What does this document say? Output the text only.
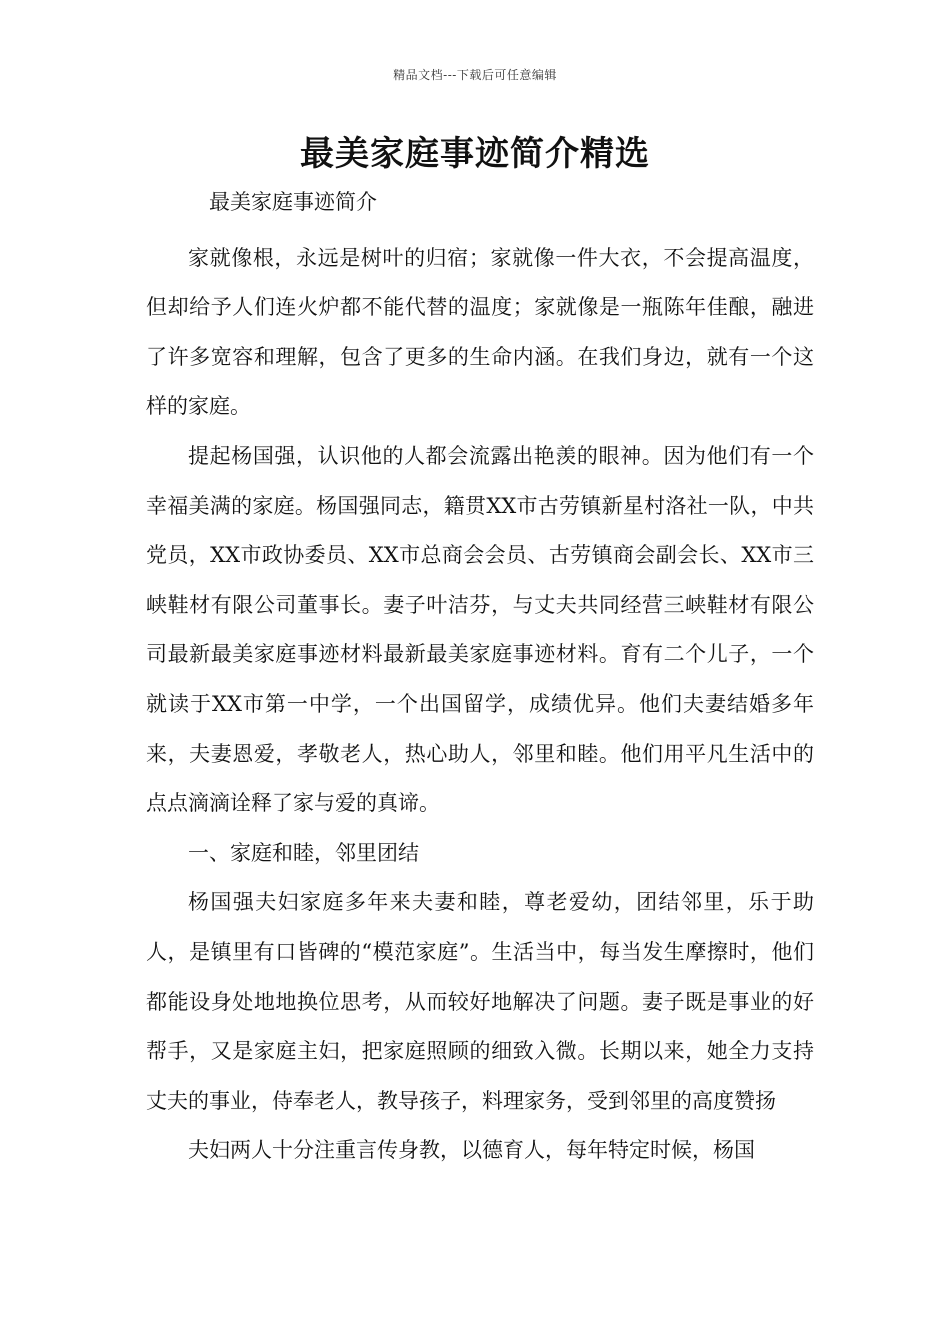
精品文档---下载后可任意编辑
最美家庭事迹简介精选

最美家庭事迹简介

家就像根，永远是树叶的归宿；家就像一件大衣，不会提高温度，但却给予人们连火炉都不能代替的温度；家就像是一瓶陈年佳酿，融进了许多宽容和理解，包含了更多的生命内涵。在我们身边，就有一个这样的家庭。

提起杨国强，认识他的人都会流露出艳羡的眼神。因为他们有一个幸福美满的家庭。杨国强同志，籍贯XX市古劳镇新星村洛社一队，中共党员，XX市政协委员、XX市总商会会员、古劳镇商会副会长、XX市三峡鞋材有限公司董事长。妻子叶洁芬，与丈夫共同经营三峡鞋材有限公司最新最美家庭事迹材料最新最美家庭事迹材料。育有二个儿子，一个就读于XX市第一中学，一个出国留学，成绩优异。他们夫妻结婚多年来，夫妻恩爱，孝敬老人，热心助人，邻里和睦。他们用平凡生活中的点点滴滴诠释了家与爱的真谛。

一、家庭和睦，邻里团结

杨国强夫妇家庭多年来夫妻和睦，尊老爱幼，团结邻里，乐于助人，是镇里有口皆碑的“模范家庭”。生活当中，每当发生摩擦时，他们都能设身处地地换位思考，从而较好地解决了问题。妻子既是事业的好帮手，又是家庭主妇，把家庭照顾的细致入微。长期以来，她全力支持丈夫的事业，侍奉老人，教导孩子，料理家务，受到邻里的高度赞扬

夫妇两人十分注重言传身教，以德育人，每年特定时候，杨国
